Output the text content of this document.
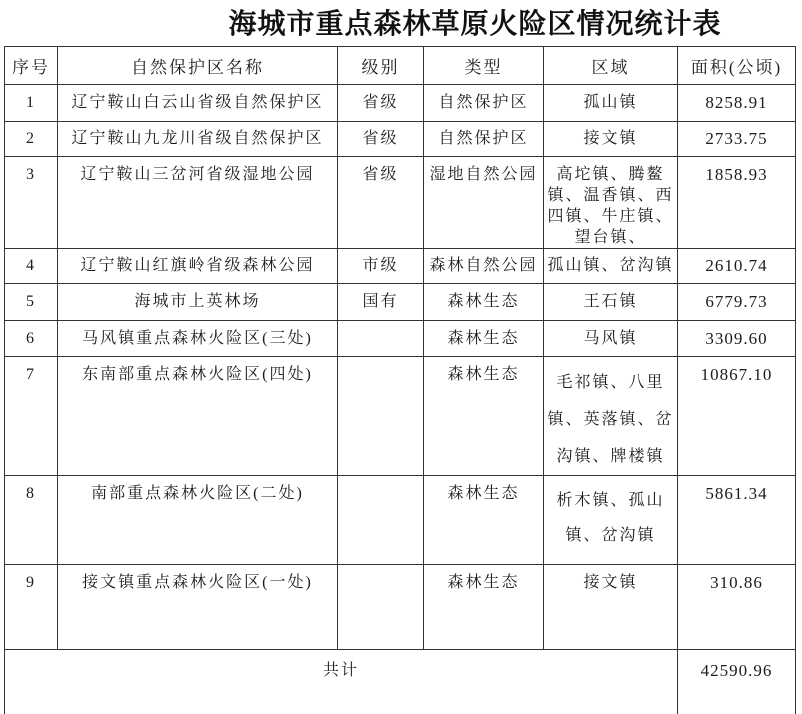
海城市重点森林草原火险区情况统计表
序号	自然保护区名称	级别	类型	区域	面积(公顷)
1	辽宁鞍山白云山省级自然保护区	省级	自然保护区	孤山镇	8258.91
2	辽宁鞍山九龙川省级自然保护区	省级	自然保护区	接文镇	2733.75
3	辽宁鞍山三岔河省级湿地公园	省级	湿地自然公园	高坨镇、腾鳌镇、温香镇、西四镇、牛庄镇、望台镇、	1858.93
4	辽宁鞍山红旗岭省级森林公园	市级	森林自然公园	孤山镇、岔沟镇	2610.74
5	海城市上英林场	国有	森林生态	王石镇	6779.73
6	马风镇重点森林火险区(三处)		森林生态	马风镇	3309.60
7	东南部重点森林火险区(四处)		森林生态	毛祁镇、八里镇、英落镇、岔沟镇、牌楼镇	10867.10
8	南部重点森林火险区(二处)		森林生态	析木镇、孤山镇、岔沟镇	5861.34
9	接文镇重点森林火险区(一处)		森林生态	接文镇	310.86
共计					42590.96
